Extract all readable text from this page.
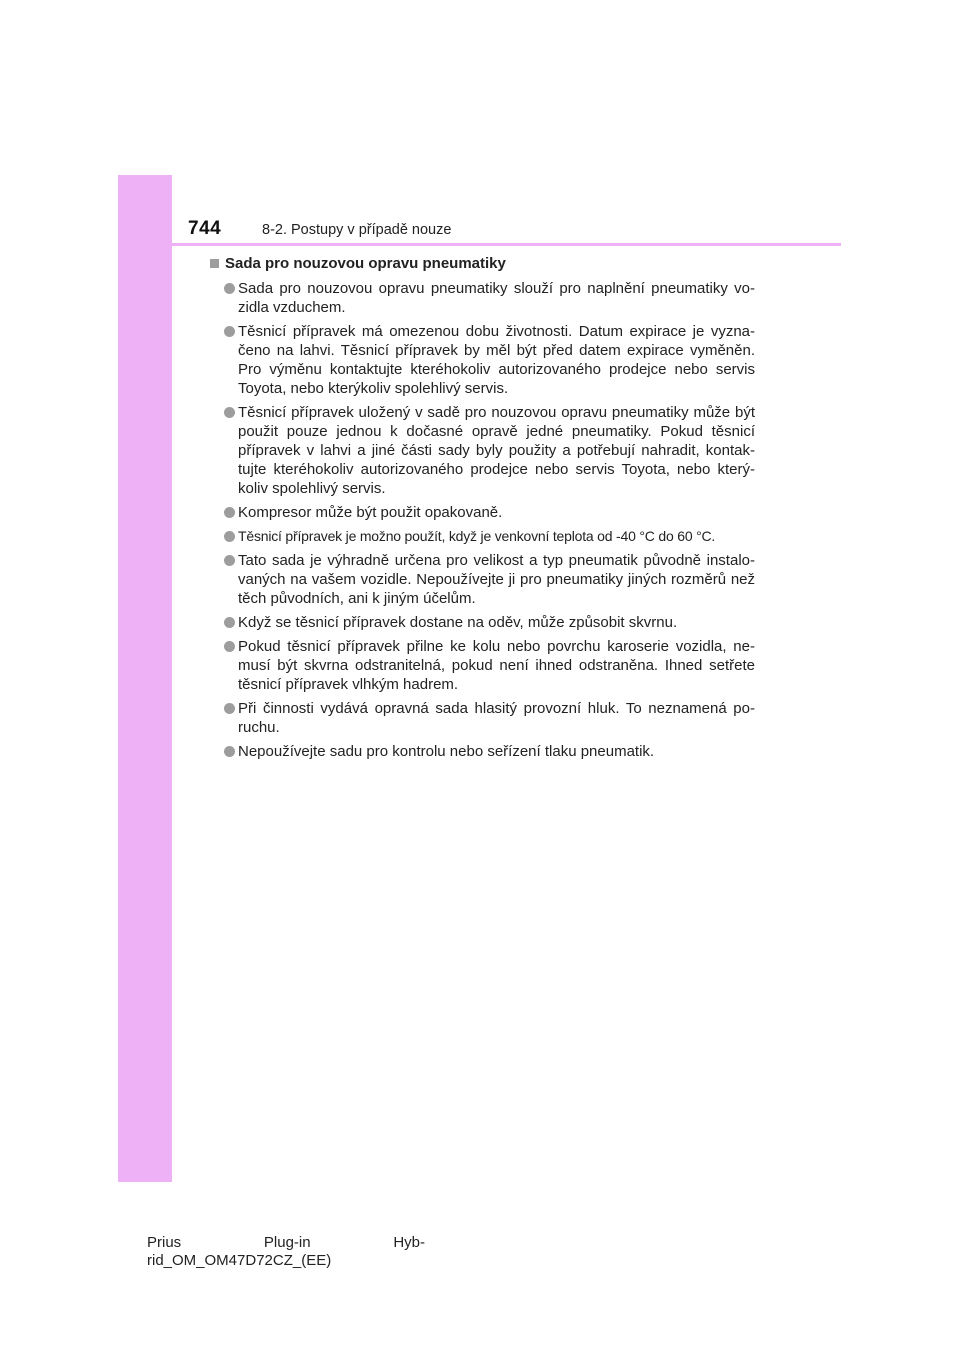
744	8-2. Postupy v případě nouze
Sada pro nouzovou opravu pneumatiky
Sada pro nouzovou opravu pneumatiky slouží pro naplnění pneumatiky vo-zidla vzduchem.
Těsnicí přípravek má omezenou dobu životnosti. Datum expirace je vyzna-čeno na lahvi. Těsnicí přípravek by měl být před datem expirace vyměněn. Pro výměnu kontaktujte kteréhokoliv autorizovaného prodejce nebo servis Toyota, nebo kterýkoliv spolehlivý servis.
Těsnicí přípravek uložený v sadě pro nouzovou opravu pneumatiky může být použit pouze jednou k dočasné opravě jedné pneumatiky. Pokud těsnicí přípravek v lahvi a jiné části sady byly použity a potřebují nahradit, kontak-tujte kteréhokoliv autorizovaného prodejce nebo servis Toyota, nebo který-koliv spolehlivý servis.
Kompresor může být použit opakovaně.
Těsnicí přípravek je možno použít, když je venkovní teplota od -40 °C do 60 °C.
Tato sada je výhradně určena pro velikost a typ pneumatik původně instalo-vaných na vašem vozidle. Nepoužívejte ji pro pneumatiky jiných rozměrů než těch původních, ani k jiným účelům.
Když se těsnicí přípravek dostane na oděv, může způsobit skvrnu.
Pokud těsnicí přípravek přilne ke kolu nebo povrchu karoserie vozidla, ne-musí být skvrna odstranitelná, pokud není ihned odstraněna. Ihned setřete těsnicí přípravek vlhkým hadrem.
Při činnosti vydává opravná sada hlasitý provozní hluk. To neznamená po-ruchu.
Nepoužívejte sadu pro kontrolu nebo seřízení tlaku pneumatik.
Prius	Plug-in	Hyb-
rid_OM_OM47D72CZ_(EE)
